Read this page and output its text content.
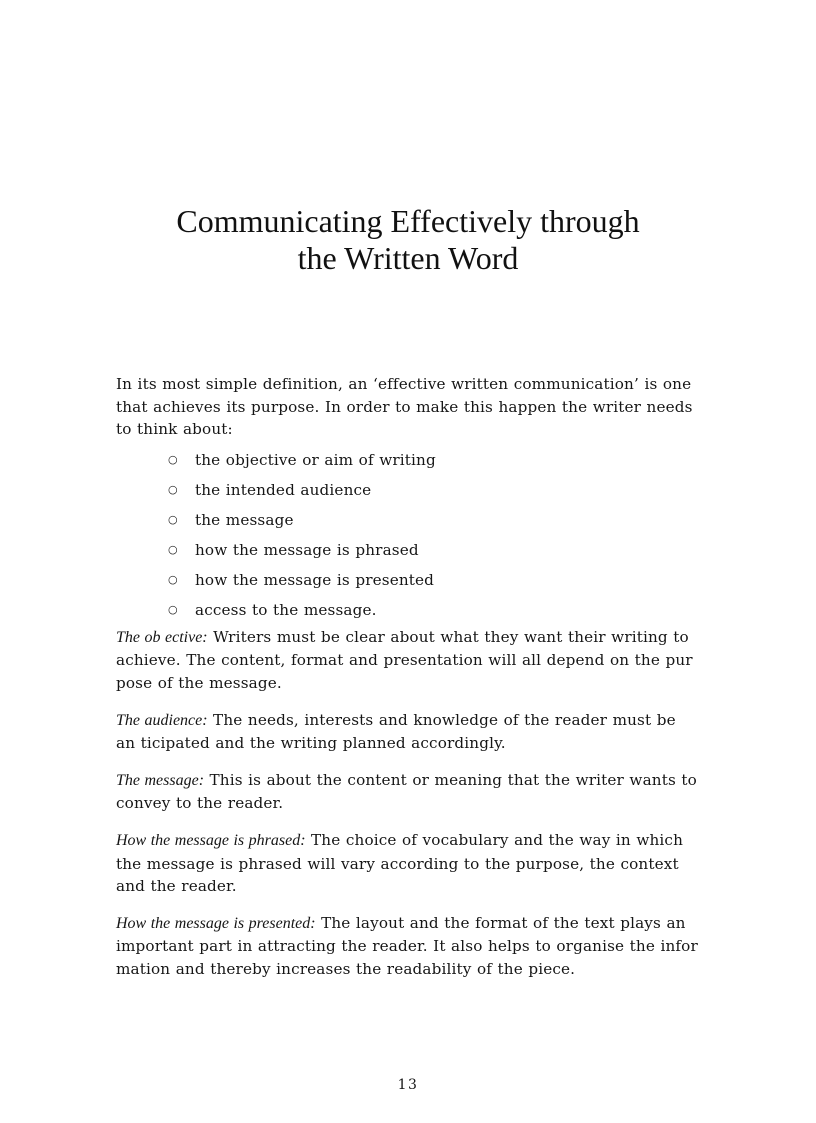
Communicating Effectively through
the Written Word

In its most simple definition, an ‘effective written communication’ is one that achieves its purpose. In order to make this happen the writer needs to think about:

○ the objective or aim of writing
○ the intended audience
○ the message
○ how the message is phrased
○ how the message is presented
○ access to the message.

The ob ective: Writers must be clear about what they want their writing to achieve. The content, format and presentation will all depend on the pur pose of the message.

The audience: The needs, interests and knowledge of the reader must be an ticipated and the writing planned accordingly.

The message: This is about the content or meaning that the writer wants to convey to the reader.

How the message is phrased: The choice of vocabulary and the way in which the message is phrased will vary according to the purpose, the context and the reader.

How the message is presented: The layout and the format of the text plays an important part in attracting the reader. It also helps to organise the infor mation and thereby increases the readability of the piece.

13
